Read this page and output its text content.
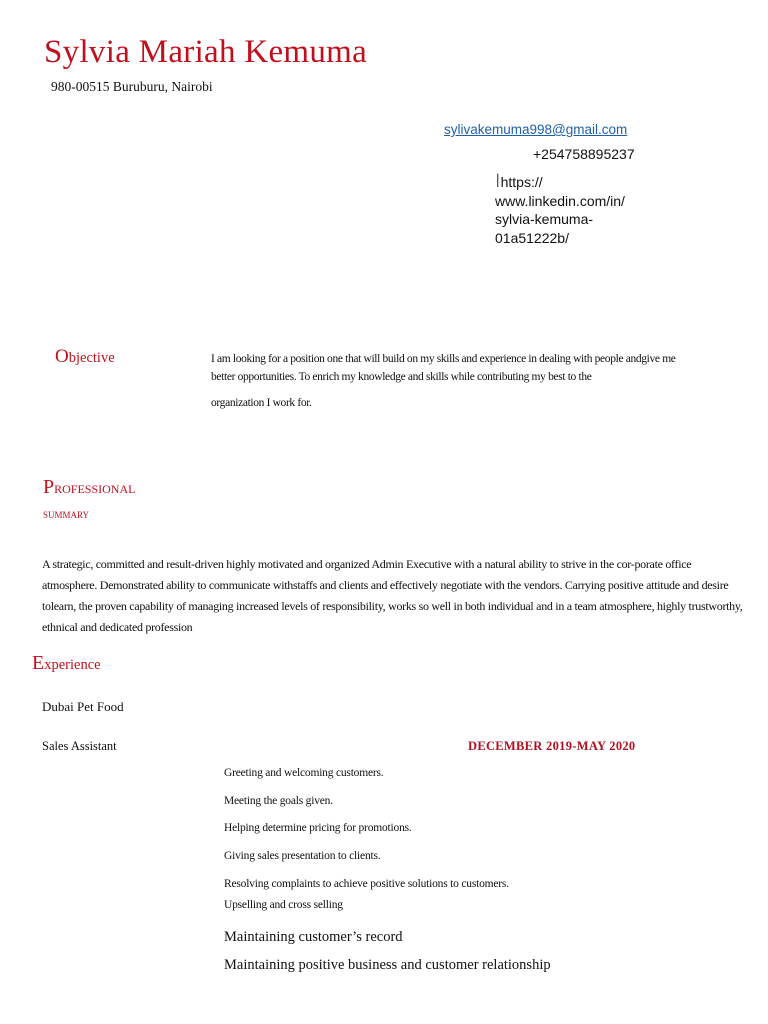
Sylvia Mariah Kemuma
980-00515 Buruburu, Nairobi
sylivakemuma998@gmail.com
+254758895237
Ihttps:// www.linkedin.com/in/ sylvia-kemuma- 01a51222b/
Objective	I am looking for a position one that will build on my skills and experience in dealing with people andgive me
better opportunities. To enrich my knowledge and skills while contributing my best to the
organization I work for.
Professional
summary
A strategic, committed and result-driven highly motivated and organized Admin Executive with a natural ability to strive in the cor-porate office atmosphere. Demonstrated ability to communicate withstaffs and clients and effectively negotiate with the vendors. Carrying positive attitude and desire tolearn, the proven capability of managing increased levels of responsibility, works so well in both individual and in a team atmosphere, highly trustworthy, ethnical and dedicated profession
Experience
Dubai Pet Food
Sales Assistant	DECEMBER 2019-MAY 2020
Greeting and welcoming customers.
Meeting the goals given.
Helping determine pricing for promotions.
Giving sales presentation to clients.
Resolving complaints to achieve positive solutions to customers.
Upselling and cross selling
Maintaining customer’s record
Maintaining positive business and customer relationship
